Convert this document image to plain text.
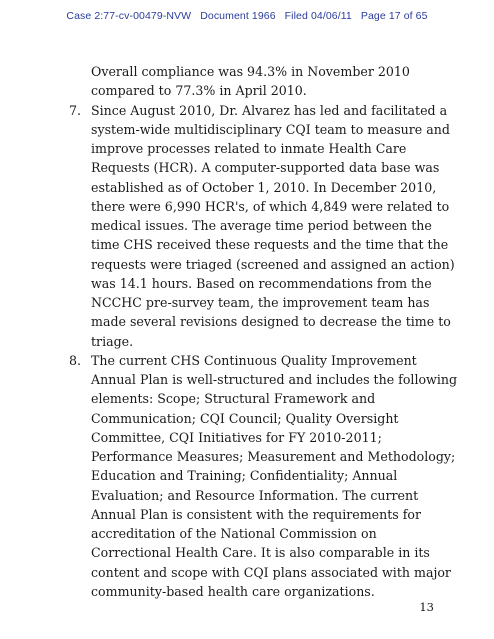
Case 2:77-cv-00479-NVW Document 1966 Filed 04/06/11 Page 17 of 65

Overall compliance was 94.3% in November 2010 compared to 77.3% in April 2010.

7. Since August 2010, Dr. Alvarez has led and facilitated a system-wide multidisciplinary CQI team to measure and improve processes related to inmate Health Care Requests (HCR). A computer-supported data base was established as of October 1, 2010. In December 2010, there were 6,990 HCR's, of which 4,849 were related to medical issues. The average time period between the time CHS received these requests and the time that the requests were triaged (screened and assigned an action) was 14.1 hours. Based on recommendations from the NCCHC pre-survey team, the improvement team has made several revisions designed to decrease the time to triage.
8. The current CHS Continuous Quality Improvement Annual Plan is well-structured and includes the following elements: Scope; Structural Framework and Communication; CQI Council; Quality Oversight Committee, CQI Initiatives for FY 2010-2011; Performance Measures; Measurement and Methodology; Education and Training; Confidentiality; Annual Evaluation; and Resource Information. The current Annual Plan is consistent with the requirements for accreditation of the National Commission on Correctional Health Care. It is also comparable in its content and scope with CQI plans associated with major community-based health care organizations.
13
